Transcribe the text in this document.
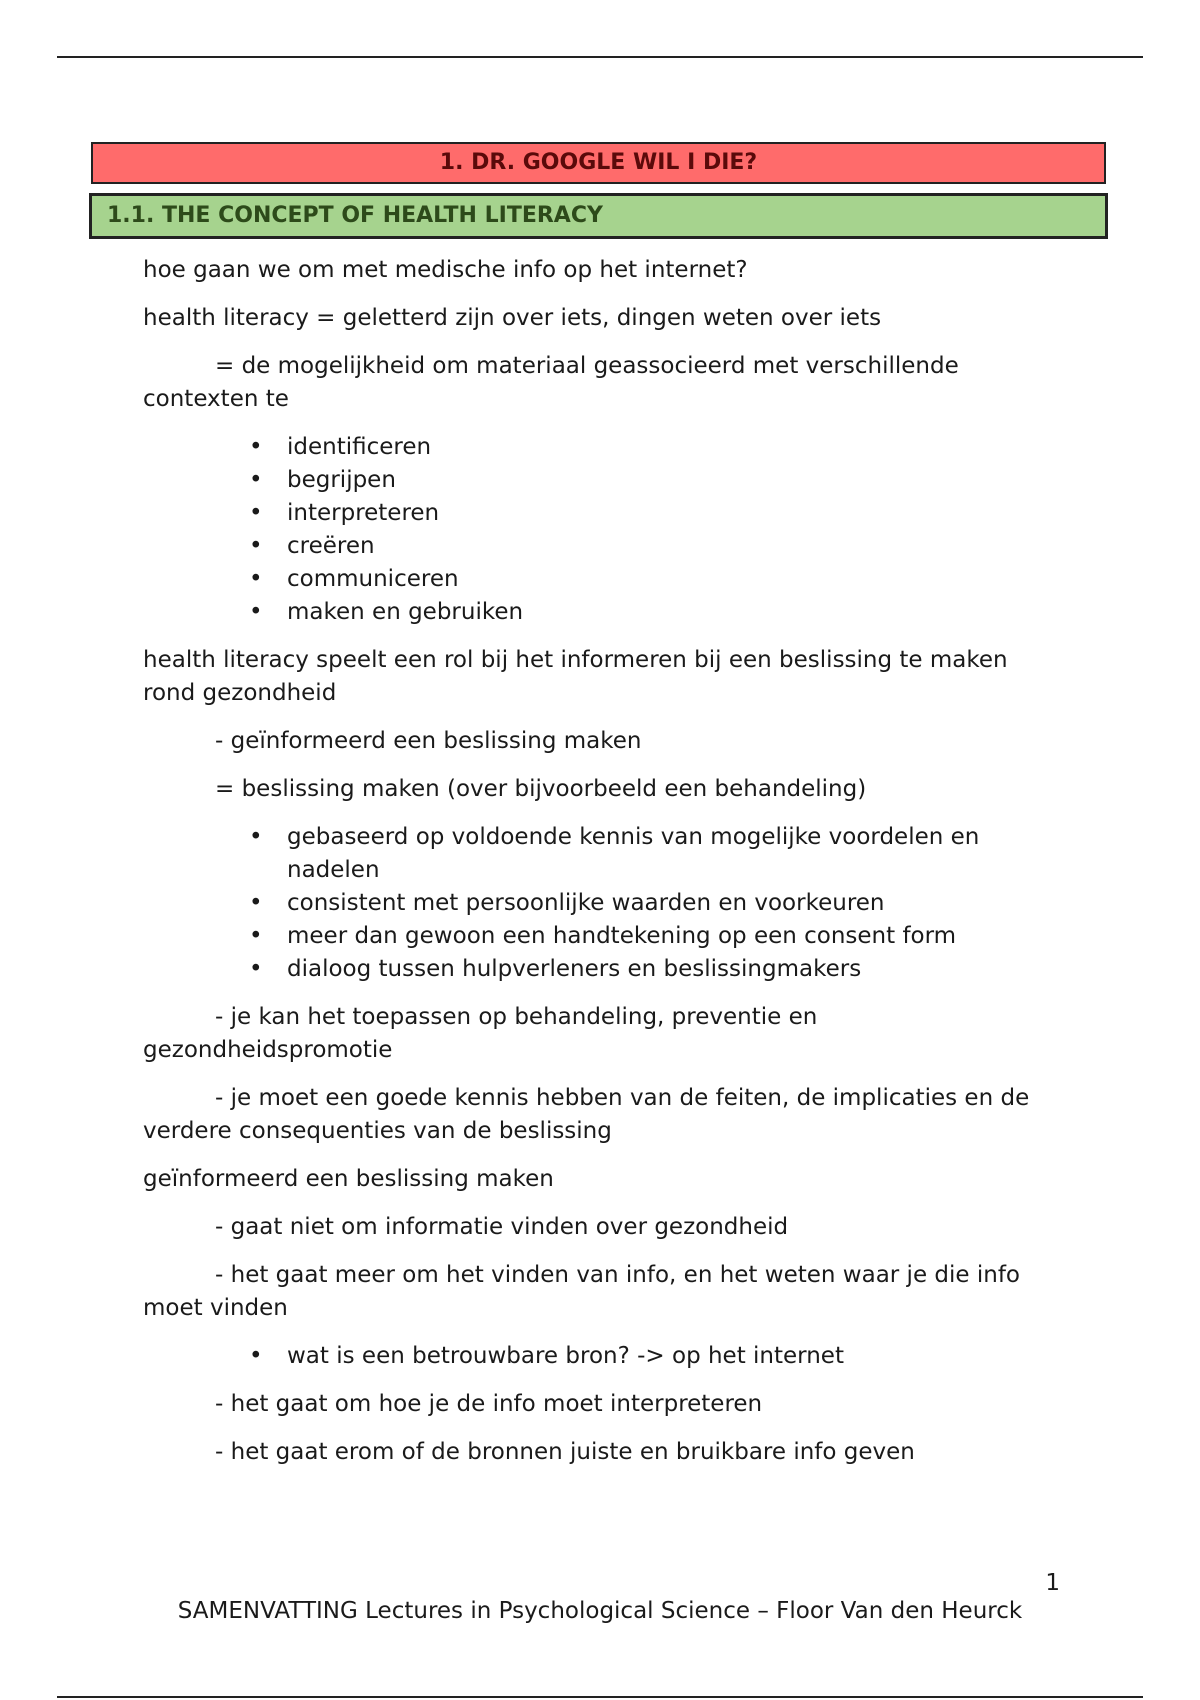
1. DR. GOOGLE WIL I DIE?
1.1. THE CONCEPT OF HEALTH LITERACY

hoe gaan we om met medische info op het internet?

health literacy = geletterd zijn over iets, dingen weten over iets

= de mogelijkheid om materiaal geassocieerd met verschillende contexten te

• identificeren
• begrijpen
• interpreteren
• creëren
• communiceren
• maken en gebruiken

health literacy speelt een rol bij het informeren bij een beslissing te maken rond gezondheid

- geïnformeerd een beslissing maken

= beslissing maken (over bijvoorbeeld een behandeling)

• gebaseerd op voldoende kennis van mogelijke voordelen en nadelen
• consistent met persoonlijke waarden en voorkeuren
• meer dan gewoon een handtekening op een consent form
• dialoog tussen hulpverleners en beslissingmakers

- je kan het toepassen op behandeling, preventie en gezondheidspromotie

- je moet een goede kennis hebben van de feiten, de implicaties en de verdere consequenties van de beslissing

geïnformeerd een beslissing maken

- gaat niet om informatie vinden over gezondheid

- het gaat meer om het vinden van info, en het weten waar je die info moet vinden

• wat is een betrouwbare bron? -> op het internet

- het gaat om hoe je de info moet interpreteren

- het gaat erom of de bronnen juiste en bruikbare info geven

1
SAMENVATTING Lectures in Psychological Science – Floor Van den Heurck
